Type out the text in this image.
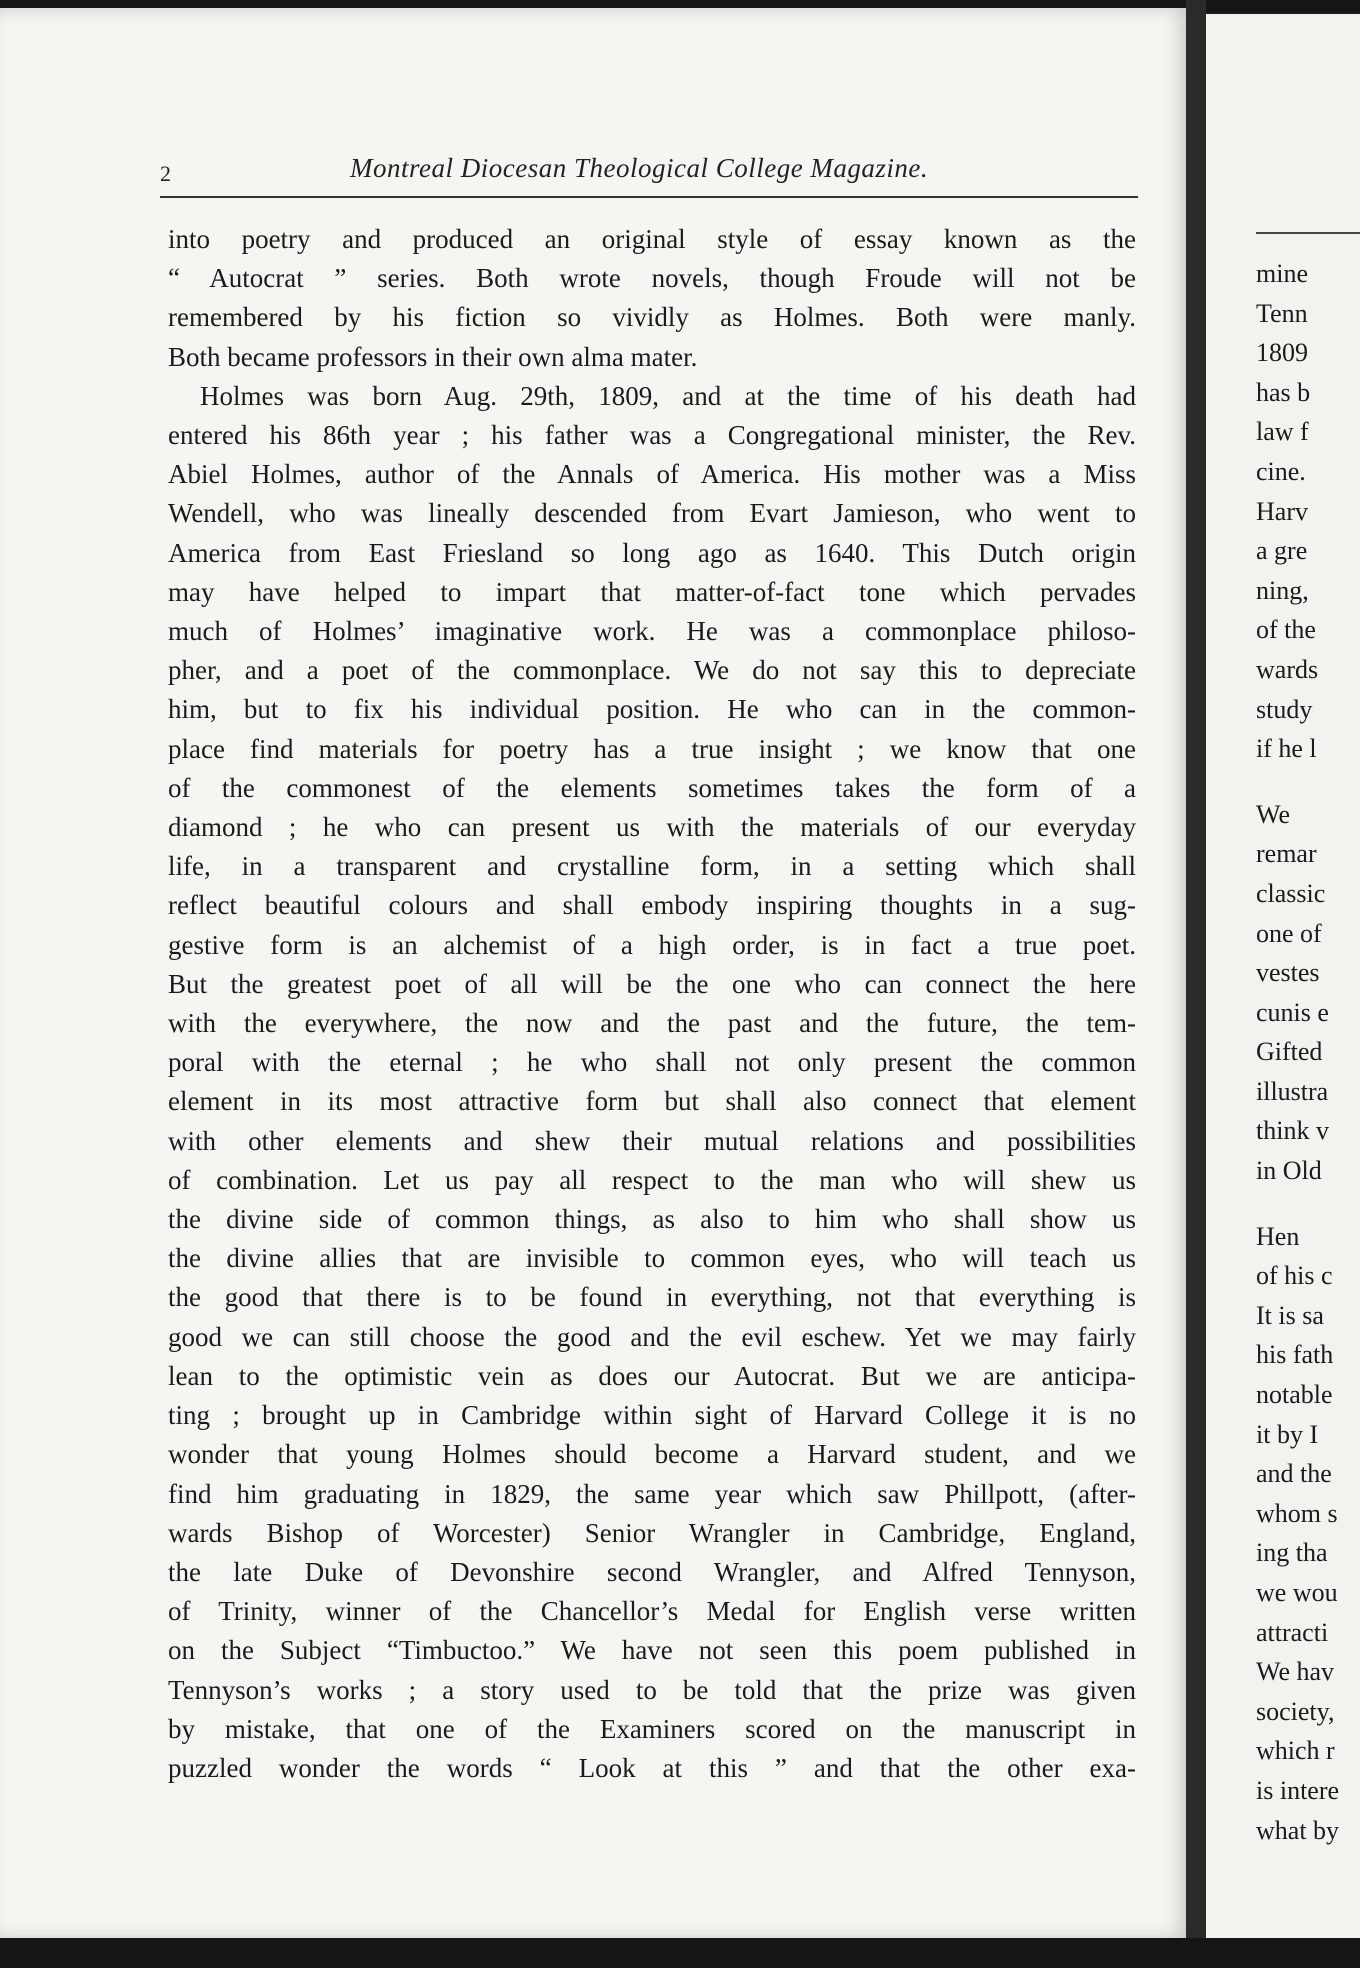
2	Montreal Diocesan Theological College Magazine.
into poetry and produced an original style of essay known as the
“ Autocrat ” series. Both wrote novels, though Froude will not be
remembered by his fiction so vividly as Holmes. Both were manly.
Both became professors in their own alma mater.
Holmes was born Aug. 29th, 1809, and at the time of his death had
entered his 86th year ; his father was a Congregational minister, the Rev.
Abiel Holmes, author of the Annals of America. His mother was a Miss
Wendell, who was lineally descended from Evart Jamieson, who went to
America from East Friesland so long ago as 1640. This Dutch origin
may have helped to impart that matter-of-fact tone which pervades
much of Holmes’ imaginative work. He was a commonplace philoso-
pher, and a poet of the commonplace. We do not say this to depreciate
him, but to fix his individual position. He who can in the common-
place find materials for poetry has a true insight ; we know that one
of the commonest of the elements sometimes takes the form of a
diamond ; he who can present us with the materials of our everyday
life, in a transparent and crystalline form, in a setting which shall
reflect beautiful colours and shall embody inspiring thoughts in a sug-
gestive form is an alchemist of a high order, is in fact a true poet.
But the greatest poet of all will be the one who can connect the here
with the everywhere, the now and the past and the future, the tem-
poral with the eternal ; he who shall not only present the common
element in its most attractive form but shall also connect that element
with other elements and shew their mutual relations and possibilities
of combination. Let us pay all respect to the man who will shew us
the divine side of common things, as also to him who shall show us
the divine allies that are invisible to common eyes, who will teach us
the good that there is to be found in everything, not that everything is
good we can still choose the good and the evil eschew. Yet we may fairly
lean to the optimistic vein as does our Autocrat. But we are anticipa-
ting ; brought up in Cambridge within sight of Harvard College it is no
wonder that young Holmes should become a Harvard student, and we
find him graduating in 1829, the same year which saw Phillpott, (after-
wards Bishop of Worcester) Senior Wrangler in Cambridge, England,
the late Duke of Devonshire second Wrangler, and Alfred Tennyson,
of Trinity, winner of the Chancellor’s Medal for English verse written
on the Subject “Timbuctoo.” We have not seen this poem published in
Tennyson’s works ; a story used to be told that the prize was given
by mistake, that one of the Examiners scored on the manuscript in
puzzled wonder the words “ Look at this ” and that the other exa-
mine
Tenn
1809
has b
law f
cine.
Harv
a gre
ning,
of the
wards
study
if he l
We
remar
classic
one of
vestes
cunis e
Gifted
illustra
think v
in Old
Hen
of his c
It is sa
his fath
notable
it by I
and the
whom s
ing tha
we wou
attracti
We hav
society,
which r
is intere
what by
